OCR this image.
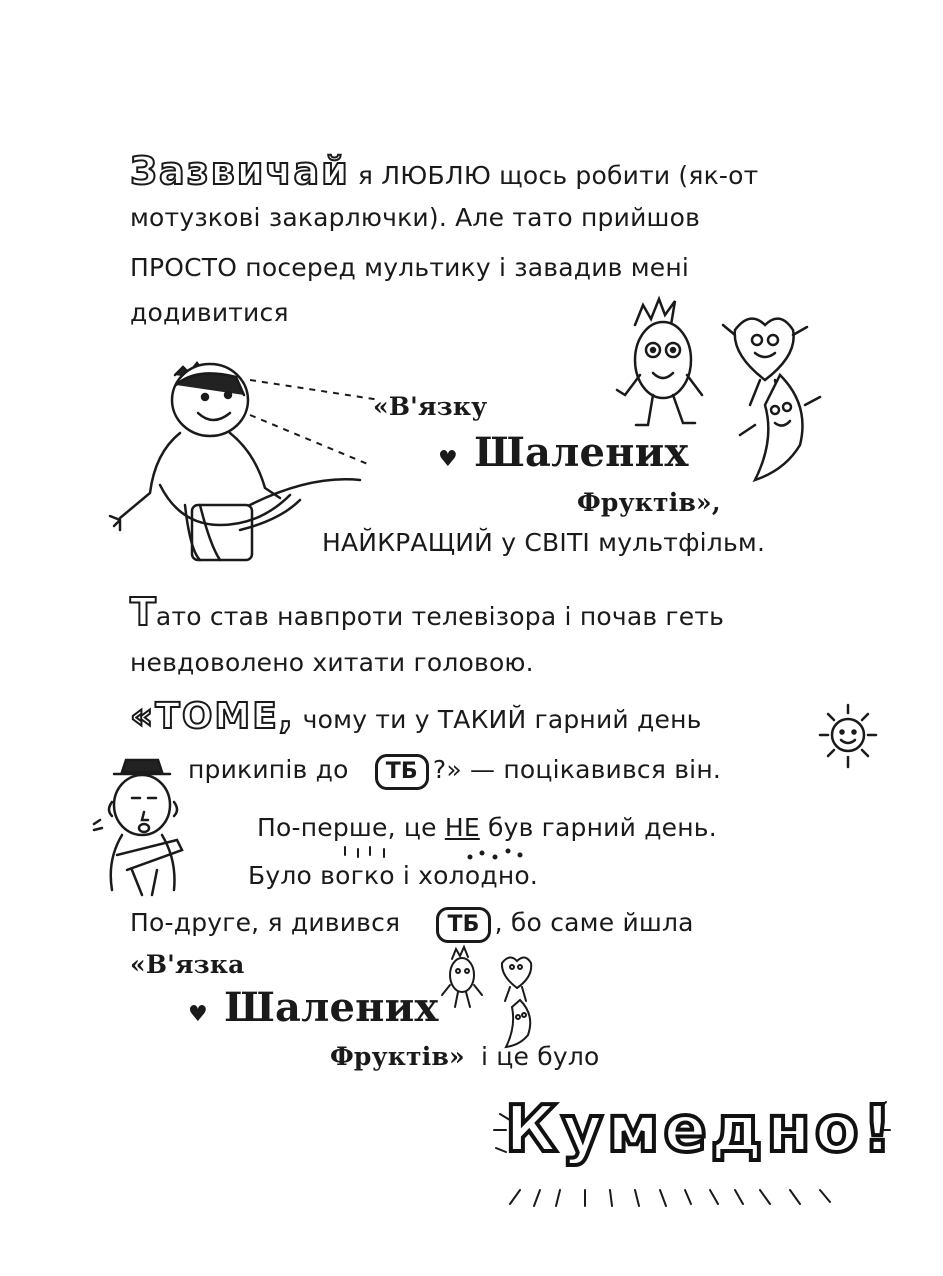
Зазвичай я ЛЮБЛЮ щось робити (як-от
мотузкові закарлючки). Але тато прийшов
ПРОСТО посеред мультику і завадив мені
додивитися
«В'язку
♥ Шалених
Фруктів»,
НАЙКРАЩИЙ у СВІТІ мультфільм.
Тато став навпроти телевізора і почав геть
невдоволено хитати головою.
«ТОМЕ, чому ти у ТАКИЙ гарний день
прикипів до ТБ ?» — поцікавився він.
По-перше, це НЕ був гарний день.
Було вогко і холодно.
По-друге, я дивився ТБ , бо саме йшла
«В'язка
♥ Шалених
Фруктів» і це було
Кумедно!
